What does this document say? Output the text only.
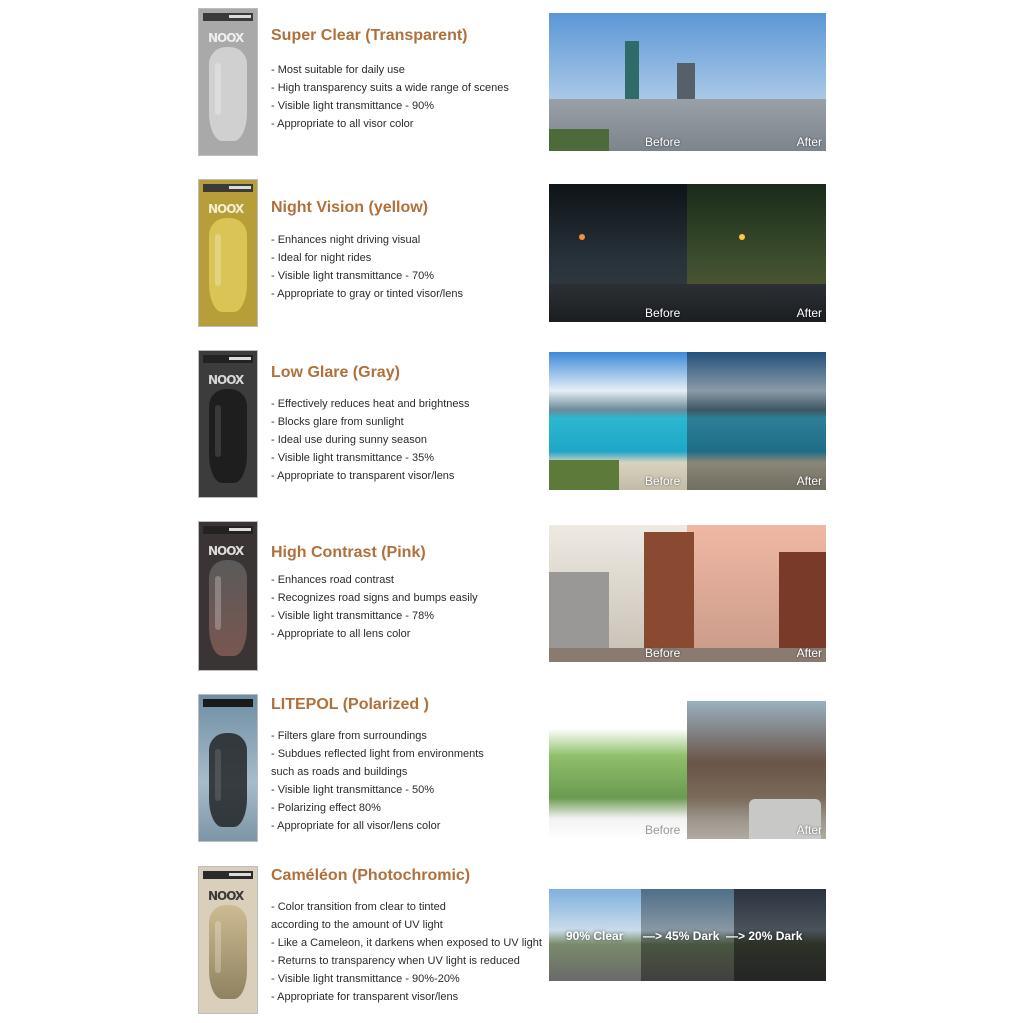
NOOX Super Clear (Transparent)
- Most suitable for daily use
- High transparency suits a wide range of scenes
- Visible light transmittance - 90%
- Appropriate to all visor color
Before	After
NOOX Night Vision (yellow)
- Enhances night driving visual
- Ideal for night rides
- Visible light transmittance - 70%
- Appropriate to gray or tinted visor/lens
Before	After
NOOX Low Glare (Gray)
- Effectively reduces heat and brightness
- Blocks glare from sunlight
- Ideal use during sunny season
- Visible light transmittance - 35%
- Appropriate to transparent visor/lens	Before	After
NOOX High Contrast (Pink)
- Enhances road contrast
- Recognizes road signs and bumps easily
- Visible light transmittance - 78%
- Appropriate to all lens color
Before	After
LITEPOL (Polarized )
- Filters glare from surroundings
- Subdues reflected light from environments
such as roads and buildings
- Visible light transmittance - 50%
- Polarizing effect 80%
- Appropriate for all visor/lens color	Before	After
NOOX
Caméléon (Photochromic)
- Color transition from clear to tinted
according to the amount of UV light
- Like a Cameleon, it darkens when exposed to UV light
- Returns to transparency when UV light is reduced
- Visible light transmittance - 90%-20%
- Appropriate for transparent visor/lens
90% Clear —> 45% Dark —> 20% Dark
